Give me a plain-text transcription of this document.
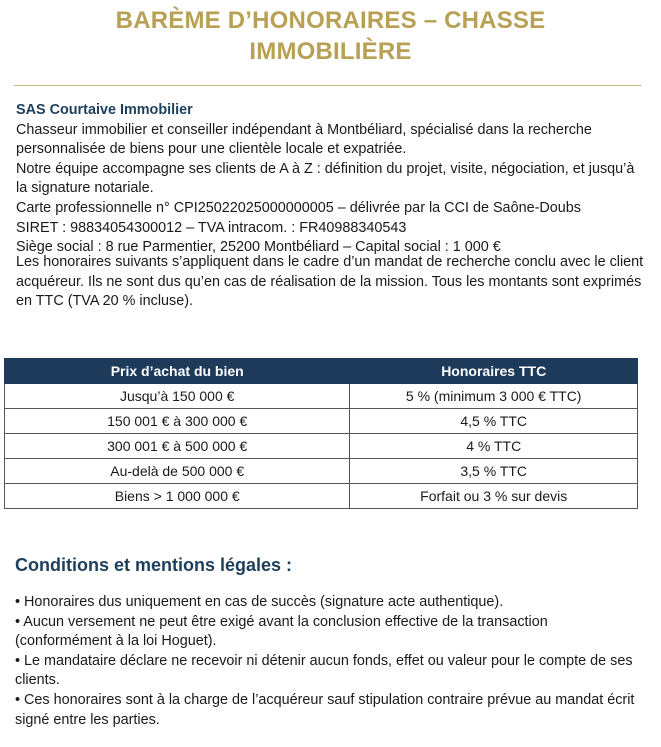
BARÈME D’HONORAIRES – CHASSE
IMMOBILIÈRE

SAS Courtaive Immobilier

Chasseur immobilier et conseiller indépendant à Montbéliard, spécialisé dans la recherche personnalisée de biens pour une clientèle locale et expatriée.

Notre équipe accompagne ses clients de A à Z : définition du projet, visite, négociation, et jusqu’à la signature notariale.

Carte professionnelle n° CPI25022025000000005 – délivrée par la CCI de Saône-Doubs

SIRET : 98834054300012 – TVA intracom. : FR40988340543

Siège social : 8 rue Parmentier, 25200 Montbéliard – Capital social : 1 000 €

Les honoraires suivants s’appliquent dans le cadre d’un mandat de recherche conclu avec le client acquéreur. Ils ne sont dus qu’en cas de réalisation de la mission. Tous les montants sont exprimés en TTC (TVA 20 % incluse).
Prix d’achat du bien	Honoraires TTC
Jusqu’à 150 000 €	5 % (minimum 3 000 € TTC)
150 001 € à 300 000 €	4,5 % TTC
300 001 € à 500 000 €	4 % TTC
Au-delà de 500 000 €	3,5 % TTC
Biens > 1 000 000 €	Forfait ou 3 % sur devis
Conditions et mentions légales :

• Honoraires dus uniquement en cas de succès (signature acte authentique).

• Aucun versement ne peut être exigé avant la conclusion effective de la transaction (conformément à la loi Hoguet).

• Le mandataire déclare ne recevoir ni détenir aucun fonds, effet ou valeur pour le compte de ses clients.

• Ces honoraires sont à la charge de l’acquéreur sauf stipulation contraire prévue au mandat écrit signé entre les parties.
